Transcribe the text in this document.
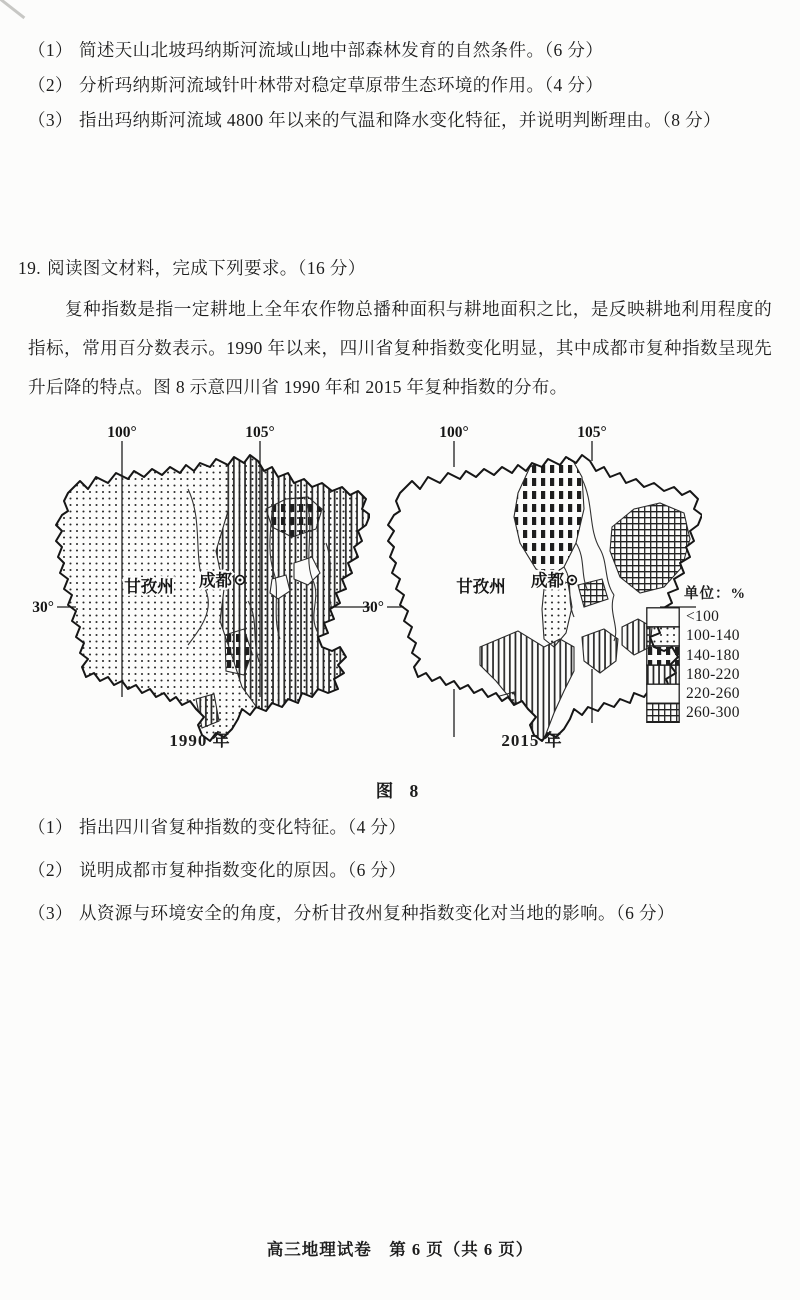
（1） 简述天山北坡玛纳斯河流域山地中部森林发育的自然条件。（6 分）
（2） 分析玛纳斯河流域针叶林带对稳定草原带生态环境的作用。（4 分）
（3） 指出玛纳斯河流域 4800 年以来的气温和降水变化特征，并说明判断理由。（8 分）
19. 阅读图文材料，完成下列要求。（16 分）
复种指数是指一定耕地上全年农作物总播种面积与耕地面积之比，是反映耕地利用程度的指标，常用百分数表示。1990 年以来，四川省复种指数变化明显，其中成都市复种指数呈现先升后降的特点。图 8 示意四川省 1990 年和 2015 年复种指数的分布。
100°	105°
30°
甘孜州 成都
100°	105°
30°
甘孜州 成都
1990 年	2015 年
单位：%
<100
100-140
140-180
180-220
220-260
260-300
图 8
（1） 指出四川省复种指数的变化特征。（4 分）
（2） 说明成都市复种指数变化的原因。（6 分）
（3） 从资源与环境安全的角度，分析甘孜州复种指数变化对当地的影响。（6 分）
高三地理试卷　第 6 页（共 6 页）
